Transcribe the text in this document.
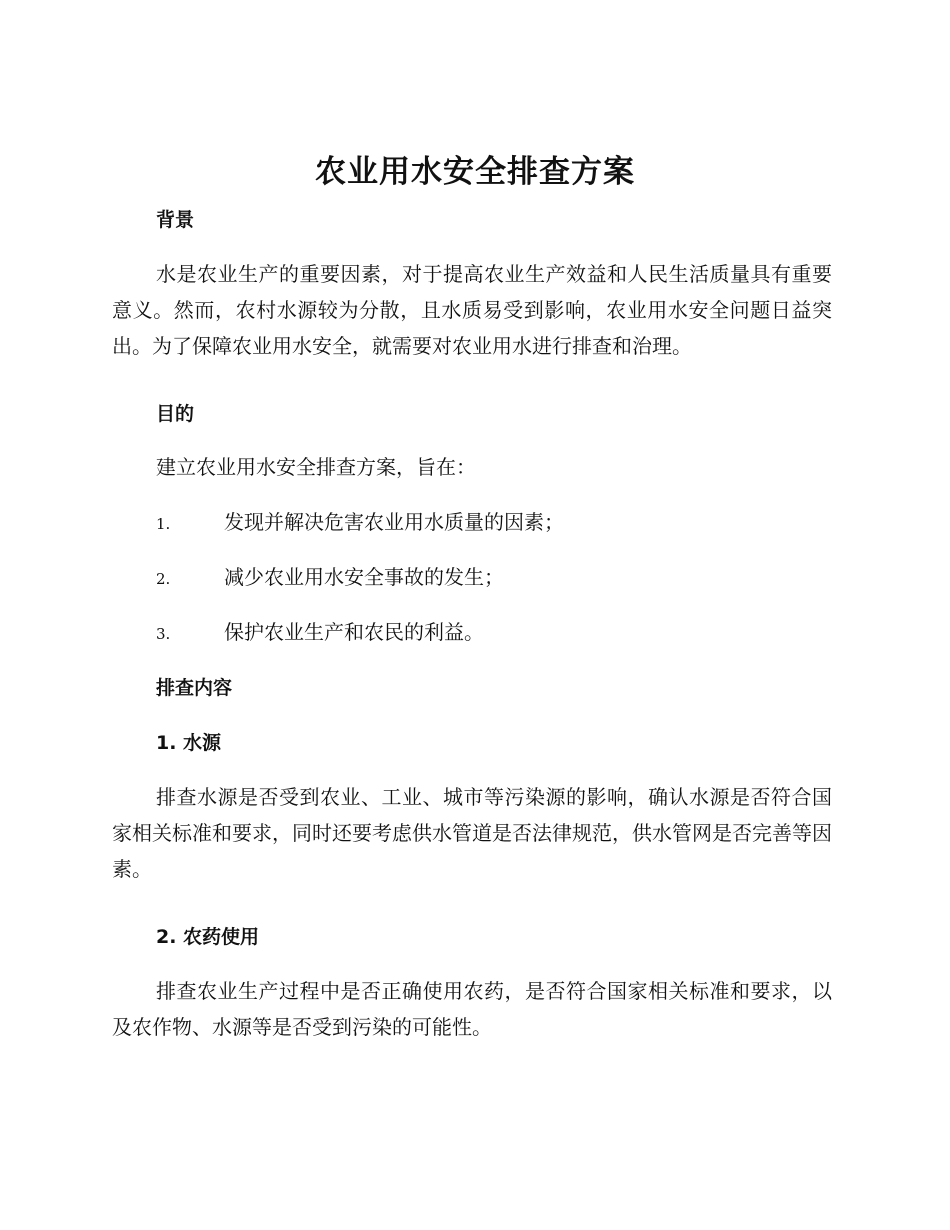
农业用水安全排查方案
背景
水是农业生产的重要因素，对于提高农业生产效益和人民生活质量具有重要意义。然而，农村水源较为分散，且水质易受到影响，农业用水安全问题日益突出。为了保障农业用水安全，就需要对农业用水进行排查和治理。
目的
建立农业用水安全排查方案，旨在：
1.	发现并解决危害农业用水质量的因素；
2.	减少农业用水安全事故的发生；
3.	保护农业生产和农民的利益。
排查内容
1. 水源
排查水源是否受到农业、工业、城市等污染源的影响，确认水源是否符合国家相关标准和要求，同时还要考虑供水管道是否法律规范，供水管网是否完善等因素。
2. 农药使用
排查农业生产过程中是否正确使用农药，是否符合国家相关标准和要求，以及农作物、水源等是否受到污染的可能性。
